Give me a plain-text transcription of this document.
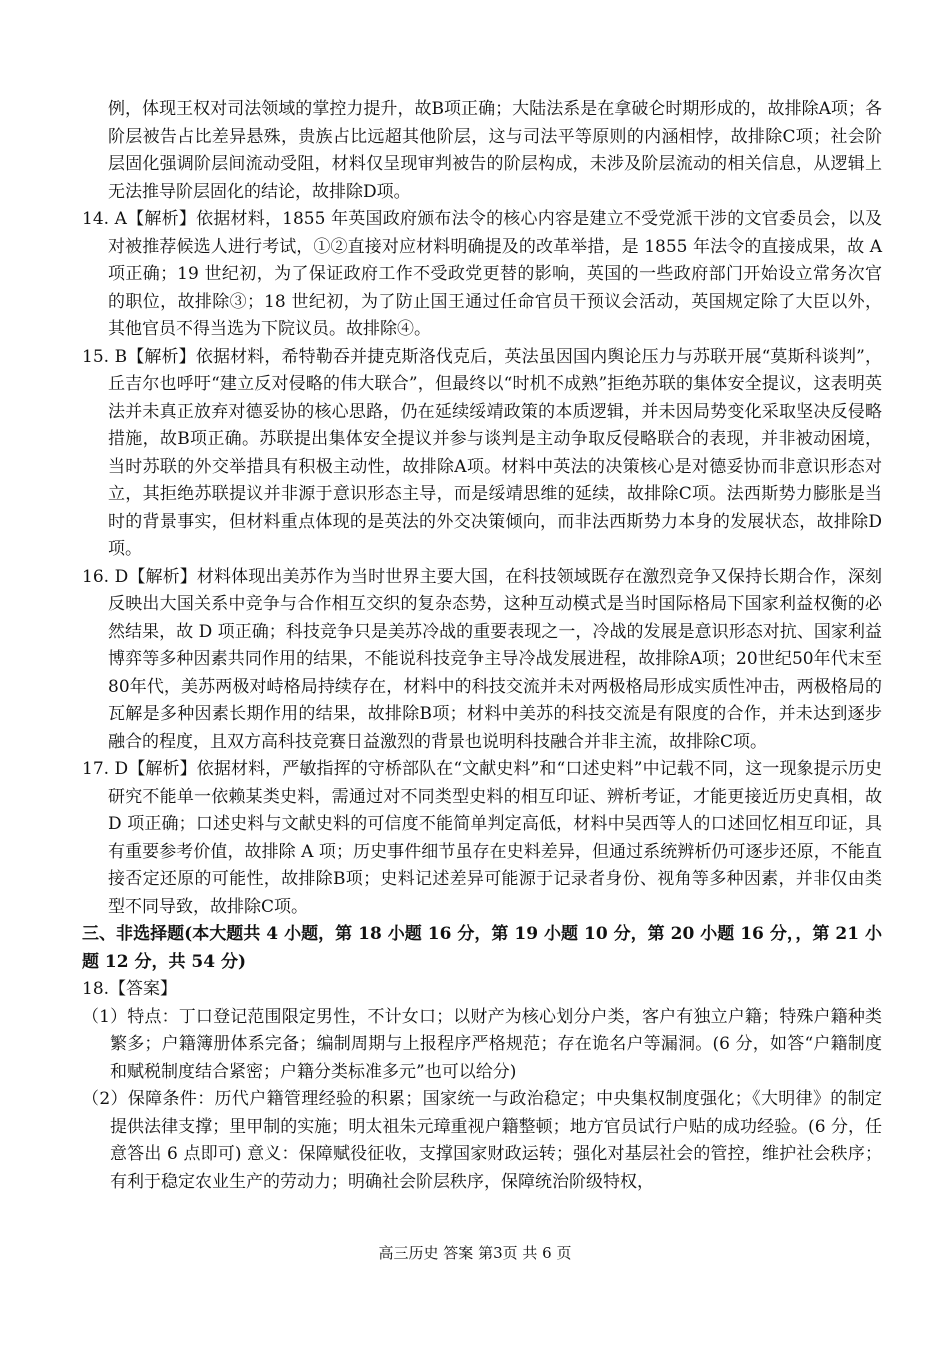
例，体现王权对司法领域的掌控力提升，故B项正确；大陆法系是在拿破仑时期形成的，故排除A项；各阶层被告占比差异悬殊，贵族占比远超其他阶层，这与司法平等原则的内涵相悖，故排除C项；社会阶层固化强调阶层间流动受阻，材料仅呈现审判被告的阶层构成，未涉及阶层流动的相关信息，从逻辑上无法推导阶层固化的结论，故排除D项。

14. A【解析】依据材料，1855 年英国政府颁布法令的核心内容是建立不受党派干涉的文官委员会，以及对被推荐候选人进行考试，①②直接对应材料明确提及的改革举措，是 1855 年法令的直接成果，故 A 项正确；19 世纪初，为了保证政府工作不受政党更替的影响，英国的一些政府部门开始设立常务次官的职位，故排除③；18 世纪初，为了防止国王通过任命官员干预议会活动，英国规定除了大臣以外，其他官员不得当选为下院议员。故排除④。

15. B【解析】依据材料，希特勒吞并捷克斯洛伐克后，英法虽因国内舆论压力与苏联开展“莫斯科谈判”，丘吉尔也呼吁“建立反对侵略的伟大联合”，但最终以“时机不成熟”拒绝苏联的集体安全提议，这表明英法并未真正放弃对德妥协的核心思路，仍在延续绥靖政策的本质逻辑，并未因局势变化采取坚决反侵略措施，故B项正确。苏联提出集体安全提议并参与谈判是主动争取反侵略联合的表现，并非被动困境，当时苏联的外交举措具有积极主动性，故排除A项。材料中英法的决策核心是对德妥协而非意识形态对立，其拒绝苏联提议并非源于意识形态主导，而是绥靖思维的延续，故排除C项。法西斯势力膨胀是当时的背景事实，但材料重点体现的是英法的外交决策倾向，而非法西斯势力本身的发展状态，故排除D项。

16. D【解析】材料体现出美苏作为当时世界主要大国，在科技领域既存在激烈竞争又保持长期合作，深刻反映出大国关系中竞争与合作相互交织的复杂态势，这种互动模式是当时国际格局下国家利益权衡的必然结果，故 D 项正确；科技竞争只是美苏冷战的重要表现之一，冷战的发展是意识形态对抗、国家利益博弈等多种因素共同作用的结果，不能说科技竞争主导冷战发展进程，故排除A项；20世纪50年代末至80年代，美苏两极对峙格局持续存在，材料中的科技交流并未对两极格局形成实质性冲击，两极格局的瓦解是多种因素长期作用的结果，故排除B项；材料中美苏的科技交流是有限度的合作，并未达到逐步融合的程度，且双方高科技竞赛日益激烈的背景也说明科技融合并非主流，故排除C项。

17. D【解析】依据材料，严敏指挥的守桥部队在“文献史料”和“口述史料”中记载不同，这一现象提示历史研究不能单一依赖某类史料，需通过对不同类型史料的相互印证、辨析考证，才能更接近历史真相，故 D 项正确；口述史料与文献史料的可信度不能简单判定高低，材料中吴西等人的口述回忆相互印证，具有重要参考价值，故排除 A 项；历史事件细节虽存在史料差异，但通过系统辨析仍可逐步还原，不能直接否定还原的可能性，故排除B项；史料记述差异可能源于记录者身份、视角等多种因素，并非仅由类型不同导致，故排除C项。

三、非选择题(本大题共 4 小题，第 18 小题 16 分，第 19 小题 10 分，第 20 小题 16 分，，第 21 小题 12 分，共 54 分)

18.【答案】

（1）特点：丁口登记范围限定男性，不计女口；以财产为核心划分户类，客户有独立户籍；特殊户籍种类繁多；户籍簿册体系完备；编制周期与上报程序严格规范；存在诡名户等漏洞。(6 分，如答“户籍制度和赋税制度结合紧密；户籍分类标准多元”也可以给分)

（2）保障条件：历代户籍管理经验的积累；国家统一与政治稳定；中央集权制度强化；《大明律》的制定提供法律支撑；里甲制的实施；明太祖朱元璋重视户籍整顿；地方官员试行户贴的成功经验。(6 分，任意答出 6 点即可) 意义：保障赋役征收，支撑国家财政运转；强化对基层社会的管控，维护社会秩序；有利于稳定农业生产的劳动力；明确社会阶层秩序，保障统治阶级特权，

高三历史 答案 第3页 共 6 页
